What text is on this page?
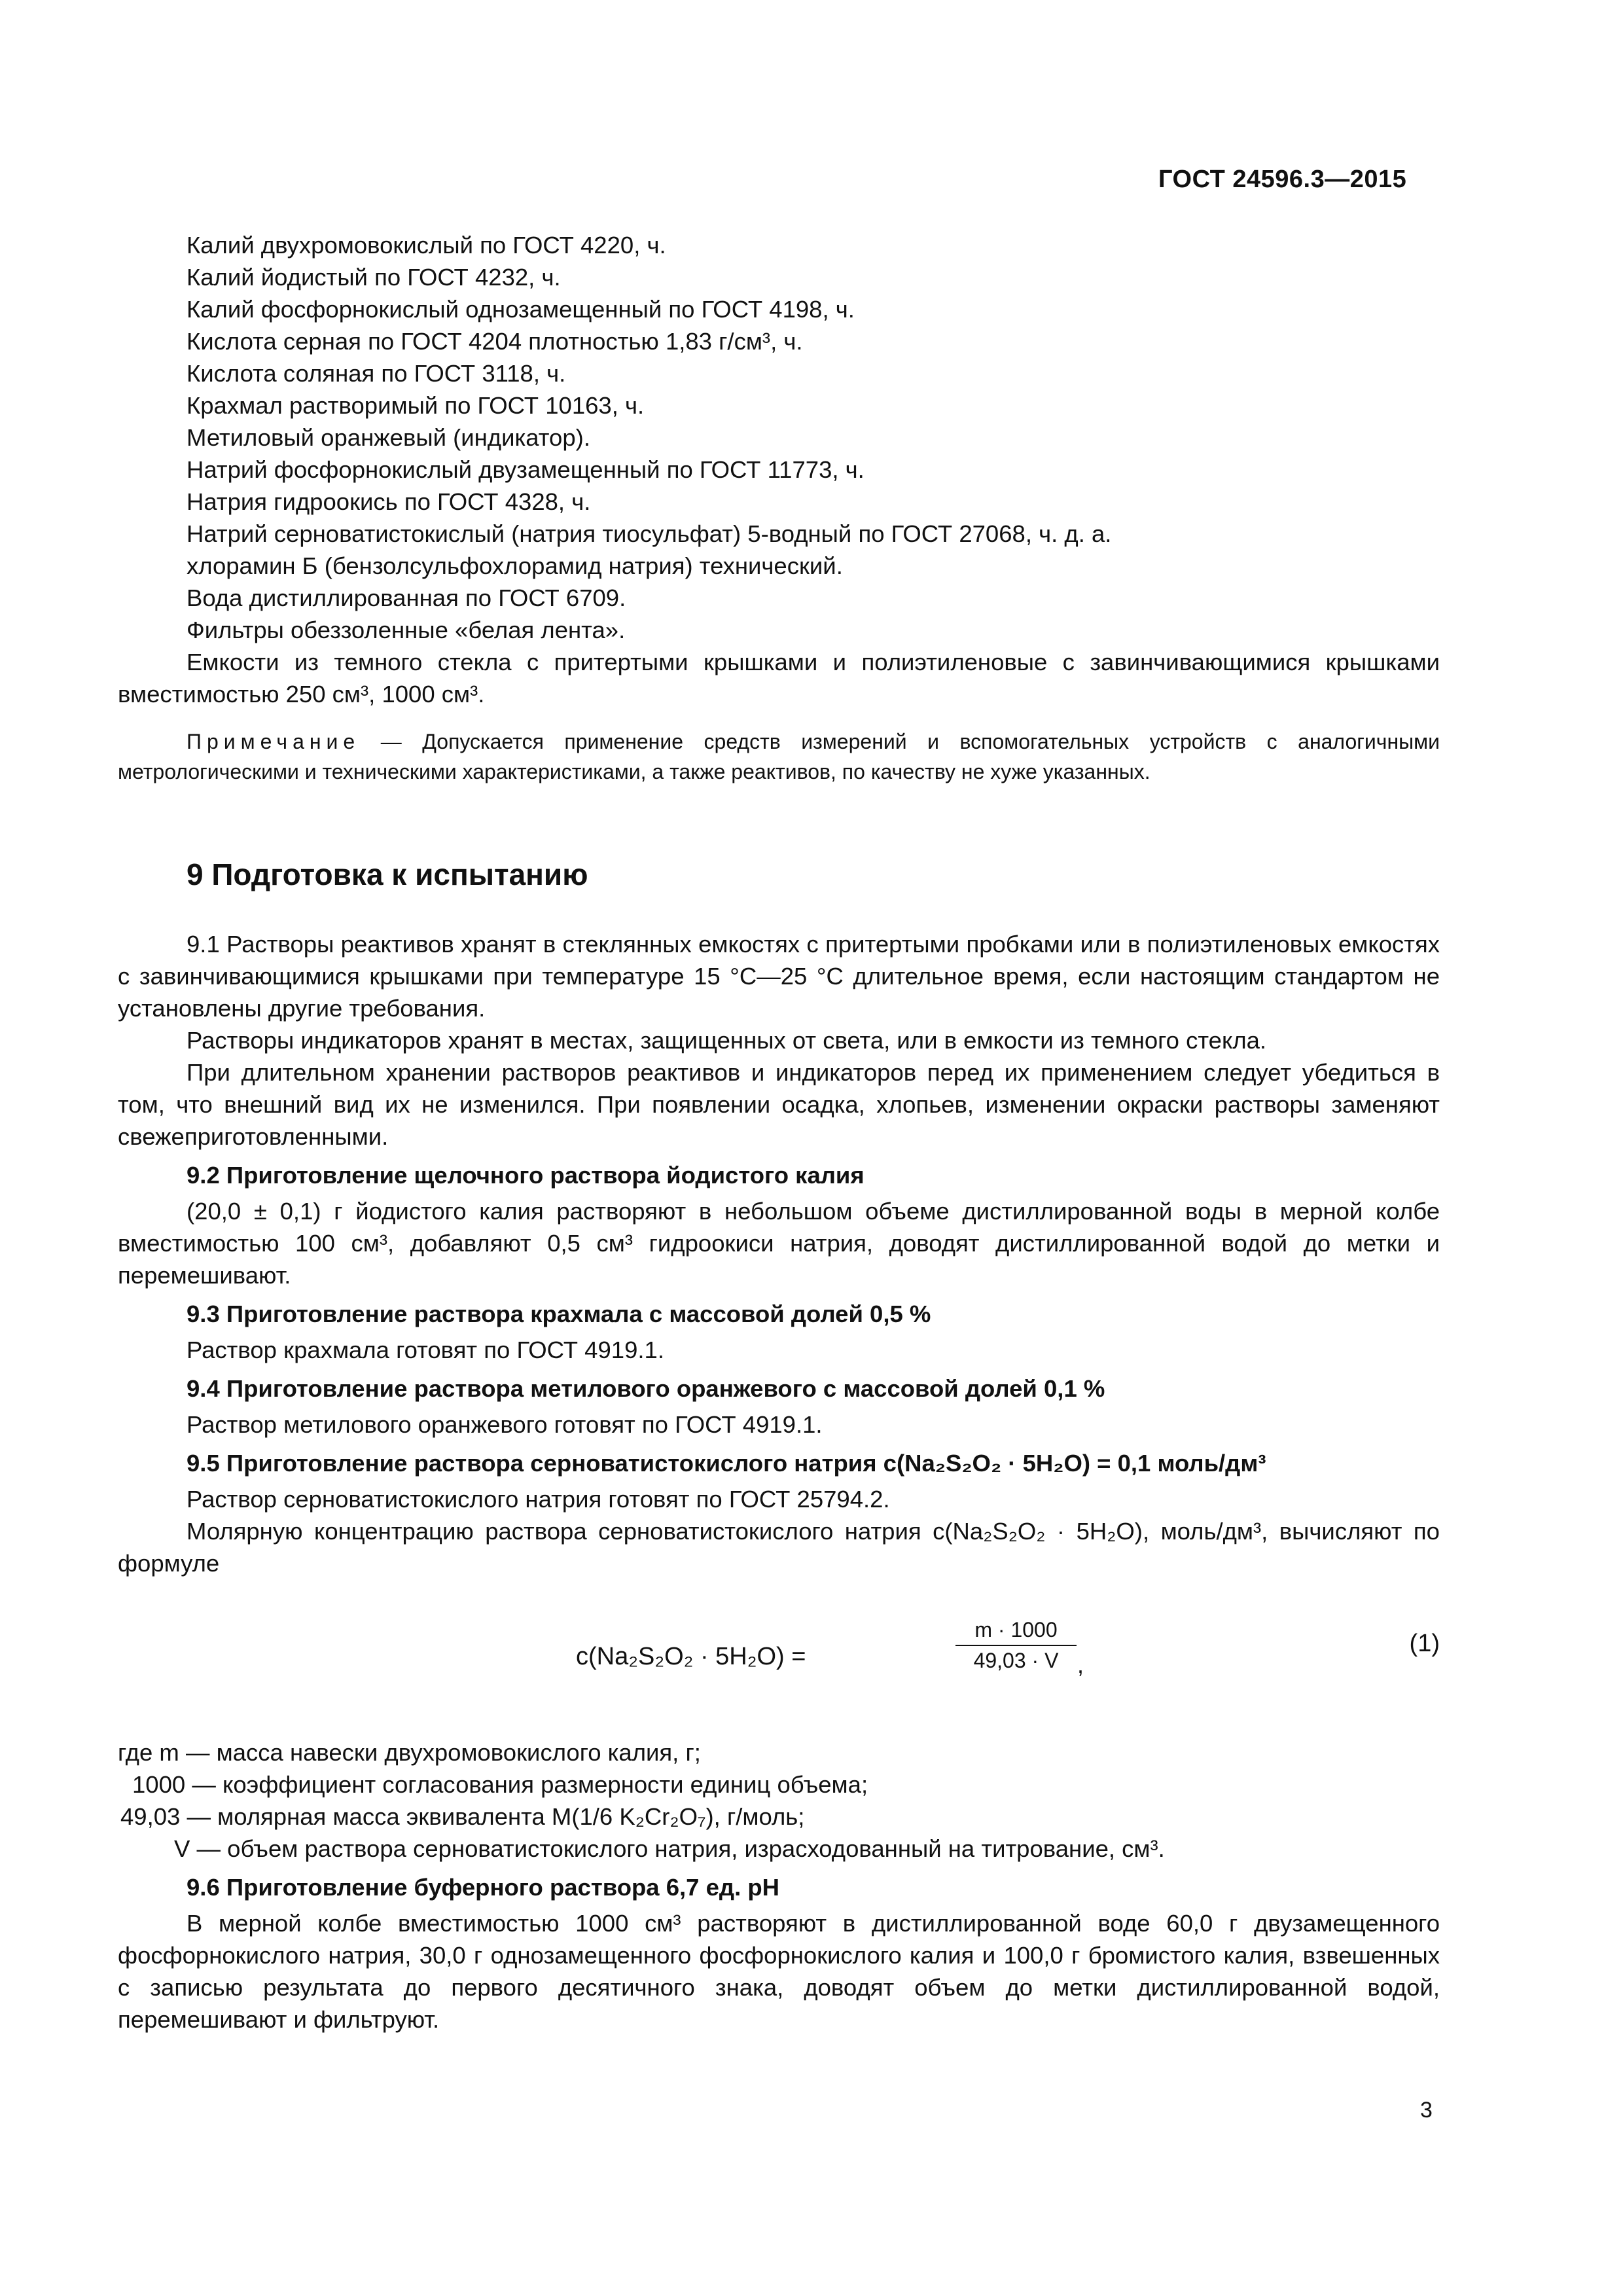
ГОСТ 24596.3—2015
Калий двухромовокислый по ГОСТ 4220, ч.
Калий йодистый по ГОСТ 4232, ч.
Калий фосфорнокислый однозамещенный по ГОСТ 4198, ч.
Кислота серная по ГОСТ 4204 плотностью 1,83 г/см³, ч.
Кислота соляная по ГОСТ 3118, ч.
Крахмал растворимый по ГОСТ 10163, ч.
Метиловый оранжевый (индикатор).
Натрий фосфорнокислый двузамещенный по ГОСТ 11773, ч.
Натрия гидроокись по ГОСТ 4328, ч.
Натрий серноватистокислый (натрия тиосульфат) 5-водный по ГОСТ 27068, ч. д. а.
хлорамин Б (бензолсульфохлорамид натрия) технический.
Вода дистиллированная по ГОСТ 6709.
Фильтры обеззоленные «белая лента».
Емкости из темного стекла с притертыми крышками и полиэтиленовые с завинчивающимися крышками вместимостью 250 см³, 1000 см³.
Примечание — Допускается применение средств измерений и вспомогательных устройств с аналогичными метрологическими и техническими характеристиками, а также реактивов, по качеству не хуже указанных.
9 Подготовка к испытанию

9.1 Растворы реактивов хранят в стеклянных емкостях с притертыми пробками или в полиэтиленовых емкостях с завинчивающимися крышками при температуре 15 °С—25 °С длительное время, если настоящим стандартом не установлены другие требования.

Растворы индикаторов хранят в местах, защищенных от света, или в емкости из темного стекла.

При длительном хранении растворов реактивов и индикаторов перед их применением следует убедиться в том, что внешний вид их не изменился. При появлении осадка, хлопьев, изменении окраски растворы заменяют свежеприготовленными.

9.2 Приготовление щелочного раствора йодистого калия

(20,0 ± 0,1) г йодистого калия растворяют в небольшом объеме дистиллированной воды в мерной колбе вместимостью 100 см³, добавляют 0,5 см³ гидроокиси натрия, доводят дистиллированной водой до метки и перемешивают.

9.3 Приготовление раствора крахмала с массовой долей 0,5 %

Раствор крахмала готовят по ГОСТ 4919.1.

9.4 Приготовление раствора метилового оранжевого с массовой долей 0,1 %

Раствор метилового оранжевого готовят по ГОСТ 4919.1.

9.5 Приготовление раствора серноватистокислого натрия c(Na₂S₂O₂ · 5H₂O) = 0,1 моль/дм³

Раствор серноватистокислого натрия готовят по ГОСТ 25794.2.

Молярную концентрацию раствора серноватистокислого натрия c(Na₂S₂O₂ · 5H₂O), моль/дм³, вычисляют по формуле

c(Na₂S₂O₂ · 5H₂O) =	$\frac{m \cdot 1000}{49,03 \cdot V}$ ,
(1)
где m — масса навески двухромовокислого калия, г;
1000 — коэффициент согласования размерности единиц объема;
49,03 — молярная масса эквивалента M(1/6 K₂Cr₂O₇), г/моль;
V — объем раствора серноватистокислого натрия, израсходованный на титрование, см³.
9.6 Приготовление буферного раствора 6,7 ед. рН

В мерной колбе вместимостью 1000 см³ растворяют в дистиллированной воде 60,0 г двузамещенного фосфорнокислого натрия, 30,0 г однозамещенного фосфорнокислого калия и 100,0 г бромистого калия, взвешенных с записью результата до первого десятичного знака, доводят объем до метки дистиллированной водой, перемешивают и фильтруют.

3
